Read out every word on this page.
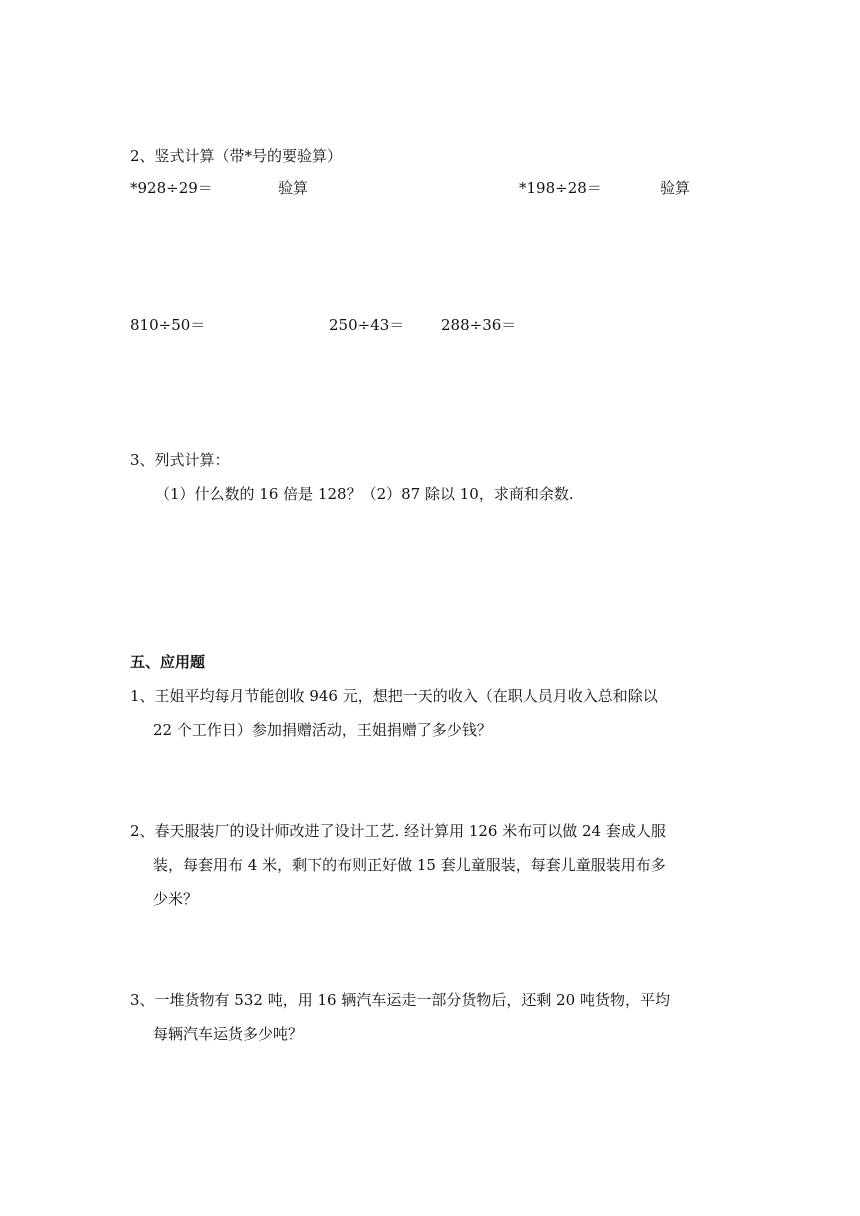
2、竖式计算（带*号的要验算）
*928÷29＝	验算	*198÷28＝	验算
810÷50＝	250÷43＝ 288÷36＝
3、列式计算：
（1）什么数的 16 倍是 128？（2）87 除以 10，求商和余数.
五、应用题
1、王姐平均每月节能创收 946 元，想把一天的收入（在职人员月收入总和除以
22 个工作日）参加捐赠活动，王姐捐赠了多少钱？
2、春天服装厂的设计师改进了设计工艺. 经计算用 126 米布可以做 24 套成人服
装，每套用布 4 米，剩下的布则正好做 15 套儿童服装，每套儿童服装用布多
少米？
3、一堆货物有 532 吨，用 16 辆汽车运走一部分货物后，还剩 20 吨货物，平均
每辆汽车运货多少吨？
